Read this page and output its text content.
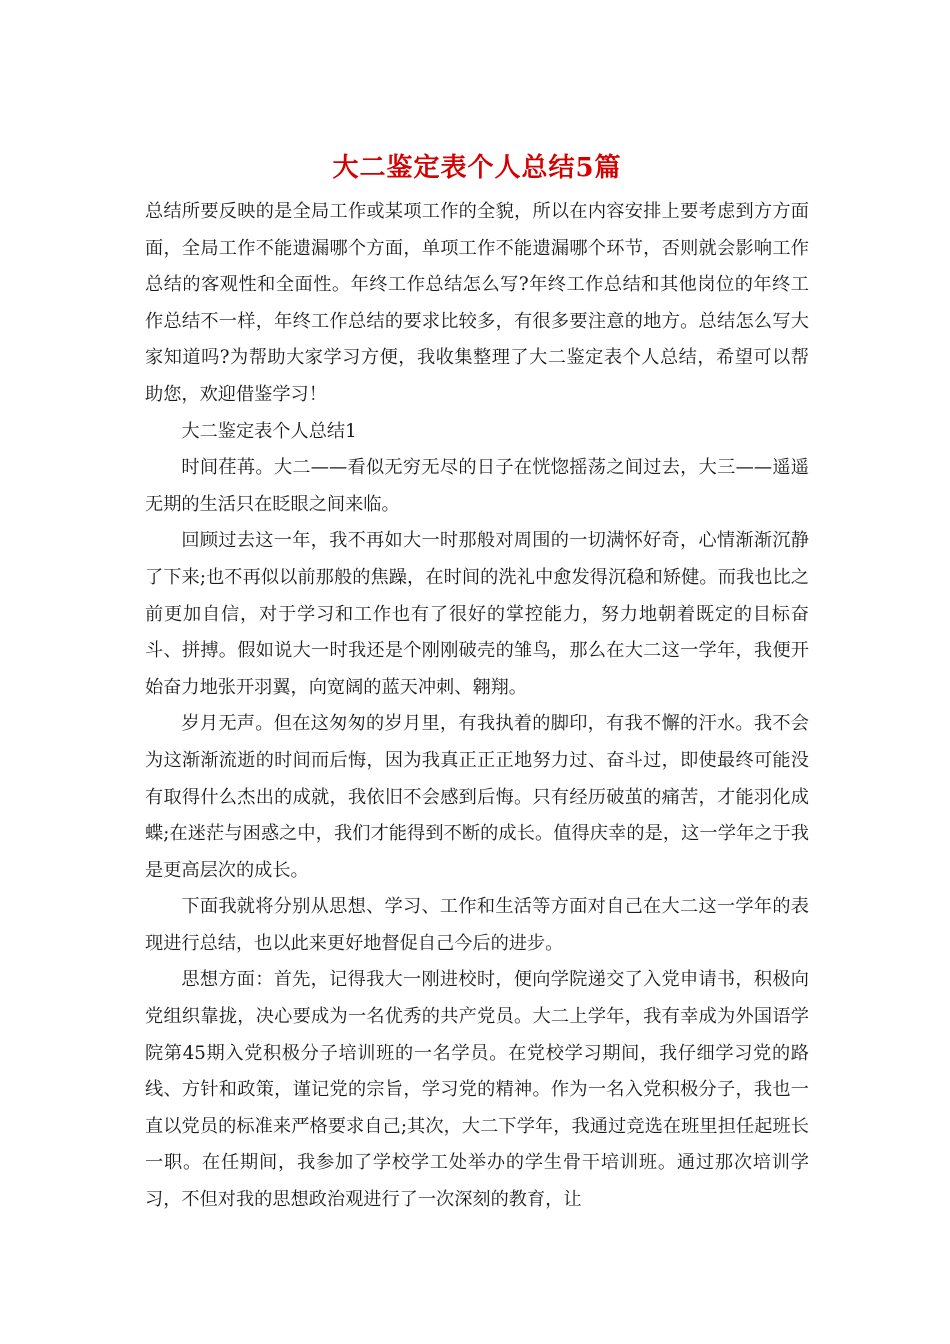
大二鉴定表个人总结5篇

总结所要反映的是全局工作或某项工作的全貌，所以在内容安排上要考虑到方方面面，全局工作不能遗漏哪个方面，单项工作不能遗漏哪个环节，否则就会影响工作总结的客观性和全面性。年终工作总结怎么写?年终工作总结和其他岗位的年终工作总结不一样，年终工作总结的要求比较多，有很多要注意的地方。总结怎么写大家知道吗?为帮助大家学习方便，我收集整理了大二鉴定表个人总结，希望可以帮助您，欢迎借鉴学习！

大二鉴定表个人总结1

时间荏苒。大二——看似无穷无尽的日子在恍惚摇荡之间过去，大三——遥遥无期的生活只在眨眼之间来临。

回顾过去这一年，我不再如大一时那般对周围的一切满怀好奇，心情渐渐沉静了下来;也不再似以前那般的焦躁，在时间的洗礼中愈发得沉稳和矫健。而我也比之前更加自信，对于学习和工作也有了很好的掌控能力，努力地朝着既定的目标奋斗、拼搏。假如说大一时我还是个刚刚破壳的雏鸟，那么在大二这一学年，我便开始奋力地张开羽翼，向宽阔的蓝天冲刺、翱翔。

岁月无声。但在这匆匆的岁月里，有我执着的脚印，有我不懈的汗水。我不会为这渐渐流逝的时间而后悔，因为我真正正正地努力过、奋斗过，即使最终可能没有取得什么杰出的成就，我依旧不会感到后悔。只有经历破茧的痛苦，才能羽化成蝶;在迷茫与困惑之中，我们才能得到不断的成长。值得庆幸的是，这一学年之于我是更高层次的成长。

下面我就将分别从思想、学习、工作和生活等方面对自己在大二这一学年的表现进行总结，也以此来更好地督促自己今后的进步。

思想方面：首先，记得我大一刚进校时，便向学院递交了入党申请书，积极向党组织靠拢，决心要成为一名优秀的共产党员。大二上学年，我有幸成为外国语学院第45期入党积极分子培训班的一名学员。在党校学习期间，我仔细学习党的路线、方针和政策，谨记党的宗旨，学习党的精神。作为一名入党积极分子，我也一直以党员的标准来严格要求自己;其次，大二下学年，我通过竞选在班里担任起班长一职。在任期间，我参加了学校学工处举办的学生骨干培训班。通过那次培训学习，不但对我的思想政治观进行了一次深刻的教育，让
